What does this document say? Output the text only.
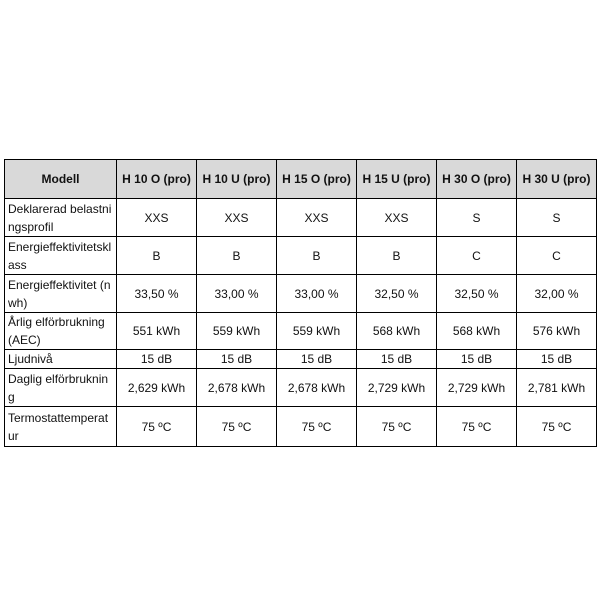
Modell	H 10 O (pro)	H 10 U (pro)	H 15 O (pro)	H 15 U (pro)	H 30 O (pro)	H 30 U (pro)
Deklarerad belastningsprofil	XXS	XXS	XXS	XXS	S	S
Energieffektivitetsklass	B	B	B	B	C	C
Energieffektivitet (nwh)	33,50 %	33,00 %	33,00 %	32,50 %	32,50 %	32,00 %
Årlig elförbrukning (AEC)	551 kWh	559 kWh	559 kWh	568 kWh	568 kWh	576 kWh
Ljudnivå	15 dB	15 dB	15 dB	15 dB	15 dB	15 dB
Daglig elförbrukning	2,629 kWh	2,678 kWh	2,678 kWh	2,729 kWh	2,729 kWh	2,781 kWh
Termostattemperatur	75 ºC	75 ºC	75 ºC	75 ºC	75 ºC	75 ºC
